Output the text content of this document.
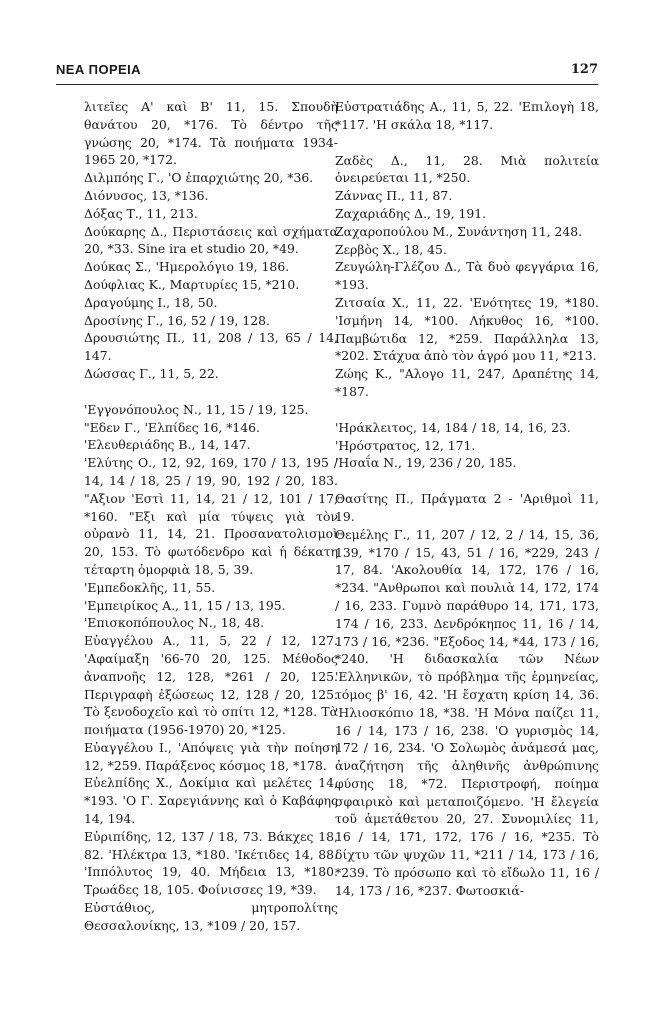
ΝΕΑ ΠΟΡΕΙΑ	127
λιτεῖες Α' καὶ Β' 11, 15. Σπουδὴ θανάτου 20, *176. Τὸ δέντρο τῆς γνώσης 20, *174. Τὰ ποιήματα 1934-1965 20, *172.
Διλμπόης Γ., 'Ο ἐπαρχιώτης 20, *36.
Διόνυσος, 13, *136.
Δόξας Τ., 11, 213.
Δούκαρης Δ., Περιστάσεις καὶ σχήματα 20, *33. Sine ira et studio 20, *49.
Δούκας Σ., 'Ημερολόγιο 19, 186.
Δούφλιας Κ., Μαρτυρίες 15, *210.
Δραγούμης Ι., 18, 50.
Δροσίνης Γ., 16, 52 / 19, 128.
Δρουσιώτης Π., 11, 208 / 13, 65 / 14, 147.
Δώσσας Γ., 11, 5, 22.
'Εγγονόπουλος Ν., 11, 15 / 19, 125.
"Εδεν Γ., 'Ελπίδες 16, *146.
'Ελευθεριάδης Β., 14, 147.
'Ελύτης Ο., 12, 92, 169, 170 / 13, 195 / 14, 14 / 18, 25 / 19, 90, 192 / 20, 183. "Αξιον 'Εστὶ 11, 14, 21 / 12, 101 / 17, *160. "Εξι καὶ μία τύψεις γιὰ τὸν οὐρανὸ 11, 14, 21. Προσανατολισμοὶ 20, 153. Τὸ φωτόδενδρο καὶ ἡ δέκατη τέταρτη ὀμορφιὰ 18, 5, 39.
'Εμπεδοκλῆς, 11, 55.
'Εμπειρίκος Α., 11, 15 / 13, 195.
'Επισκοπόπουλος Ν., 18, 48.
Εὐαγγέλου Α., 11, 5, 22 / 12, 127. 'Αφαίμαξη '66-70 20, 125. Μέθοδος ἀναπνοῆς 12, 128, *261 / 20, 125. Περιγραφὴ ἐξώσεως 12, 128 / 20, 125. Τὸ ξενοδοχεῖο καὶ τὸ σπίτι 12, *128. Τὰ ποιήματα (1956-1970) 20, *125.
Εὐαγγέλου Ι., 'Απόψεις γιὰ τὴν ποίηση 12, *259. Παράξενος κόσμος 18, *178.
Εὐελπίδης Χ., Δοκίμια καὶ μελέτες 14, *193. 'Ο Γ. Σαρεγιάννης καὶ ὁ Καβάφης 14, 194.
Εὐριπίδης, 12, 137 / 18, 73. Βάκχες 18, 82. 'Ηλέκτρα 13, *180. 'Ικέτιδες 14, 88. 'Ιππόλυτος 19, 40. Μήδεια 13, *180. Τρωάδες 18, 105. Φοίνισσες 19, *39.
Εὐστάθιος, μητροπολίτης Θεσσαλονίκης, 13, *109 / 20, 157.
Εὐστρατιάδης Α., 11, 5, 22. 'Επιλογὴ 18, *117. 'Η σκάλα 18, *117.
Ζαδὲς Δ., 11, 28. Μιὰ πολιτεία ὀνειρεύεται 11, *250.
Ζάννας Π., 11, 87.
Ζαχαριάδης Δ., 19, 191.
Ζαχαροπούλου Μ., Συνάντηση 11, 248.
Ζερβὸς Χ., 18, 45.
Ζευγώλη-Γλέζου Δ., Τὰ δυὸ φεγγάρια 16, *193.
Ζιτσαία Χ., 11, 22. 'Ενότητες 19, *180. 'Ισμήνη 14, *100. Λήκυθος 16, *100. Παμβώτιδα 12, *259. Παράλληλα 13, *202. Στάχυα ἀπὸ τὸν ἀγρό μου 11, *213.
Ζώης Κ., "Αλογο 11, 247, Δραπέτης 14, *187.
'Ηράκλειτος, 14, 184 / 18, 14, 16, 23.
'Ηρόστρατος, 12, 171.
'Ησαΐα Ν., 19, 236 / 20, 185.
Θασίτης Π., Πράγματα 2 - 'Αριθμοὶ 11, 19.
Θεμέλης Γ., 11, 207 / 12, 2 / 14, 15, 36, 139, *170 / 15, 43, 51 / 16, *229, 243 / 17, 84. 'Ακολουθία 14, 172, 176 / 16, *234. "Ανθρωποι καὶ πουλιὰ 14, 172, 174 / 16, 233. Γυμνὸ παράθυρο 14, 171, 173, 174 / 16, 233. Δενδρόκηπος 11, 16 / 14, 173 / 16, *236. "Εξοδος 14, *44, 173 / 16, *240. 'Η διδασκαλία τῶν Νέων 'Ελληνικῶν, τὸ πρόβλημα τῆς ἑρμηνείας, τόμος β' 16, 42. 'Η ἔσχατη κρίση 14, 36. 'Ηλιοσκόπιο 18, *38. 'Η Μόνα παίζει 11, 16 / 14, 173 / 16, 238. 'Ο γυρισμὸς 14, 172 / 16, 234. 'Ο Σολωμὸς ἀνάμεσά μας, ἀναζήτηση τῆς ἀληθινῆς ἀνθρώπινης φύσης 18, *72. Περιστροφή, ποίημα σφαιρικὸ καὶ μεταποιζόμενο. 'Η ἔλεγεία τοῦ ἀμετάθετου 20, 27. Συνομιλίες 11, 16 / 14, 171, 172, 176 / 16, *235. Τὸ δίχτυ τῶν ψυχῶν 11, *211 / 14, 173 / 16, *239. Τὸ πρόσωπο καὶ τὸ εἴδωλο 11, 16 / 14, 173 / 16, *237. Φωτοσκιά-
